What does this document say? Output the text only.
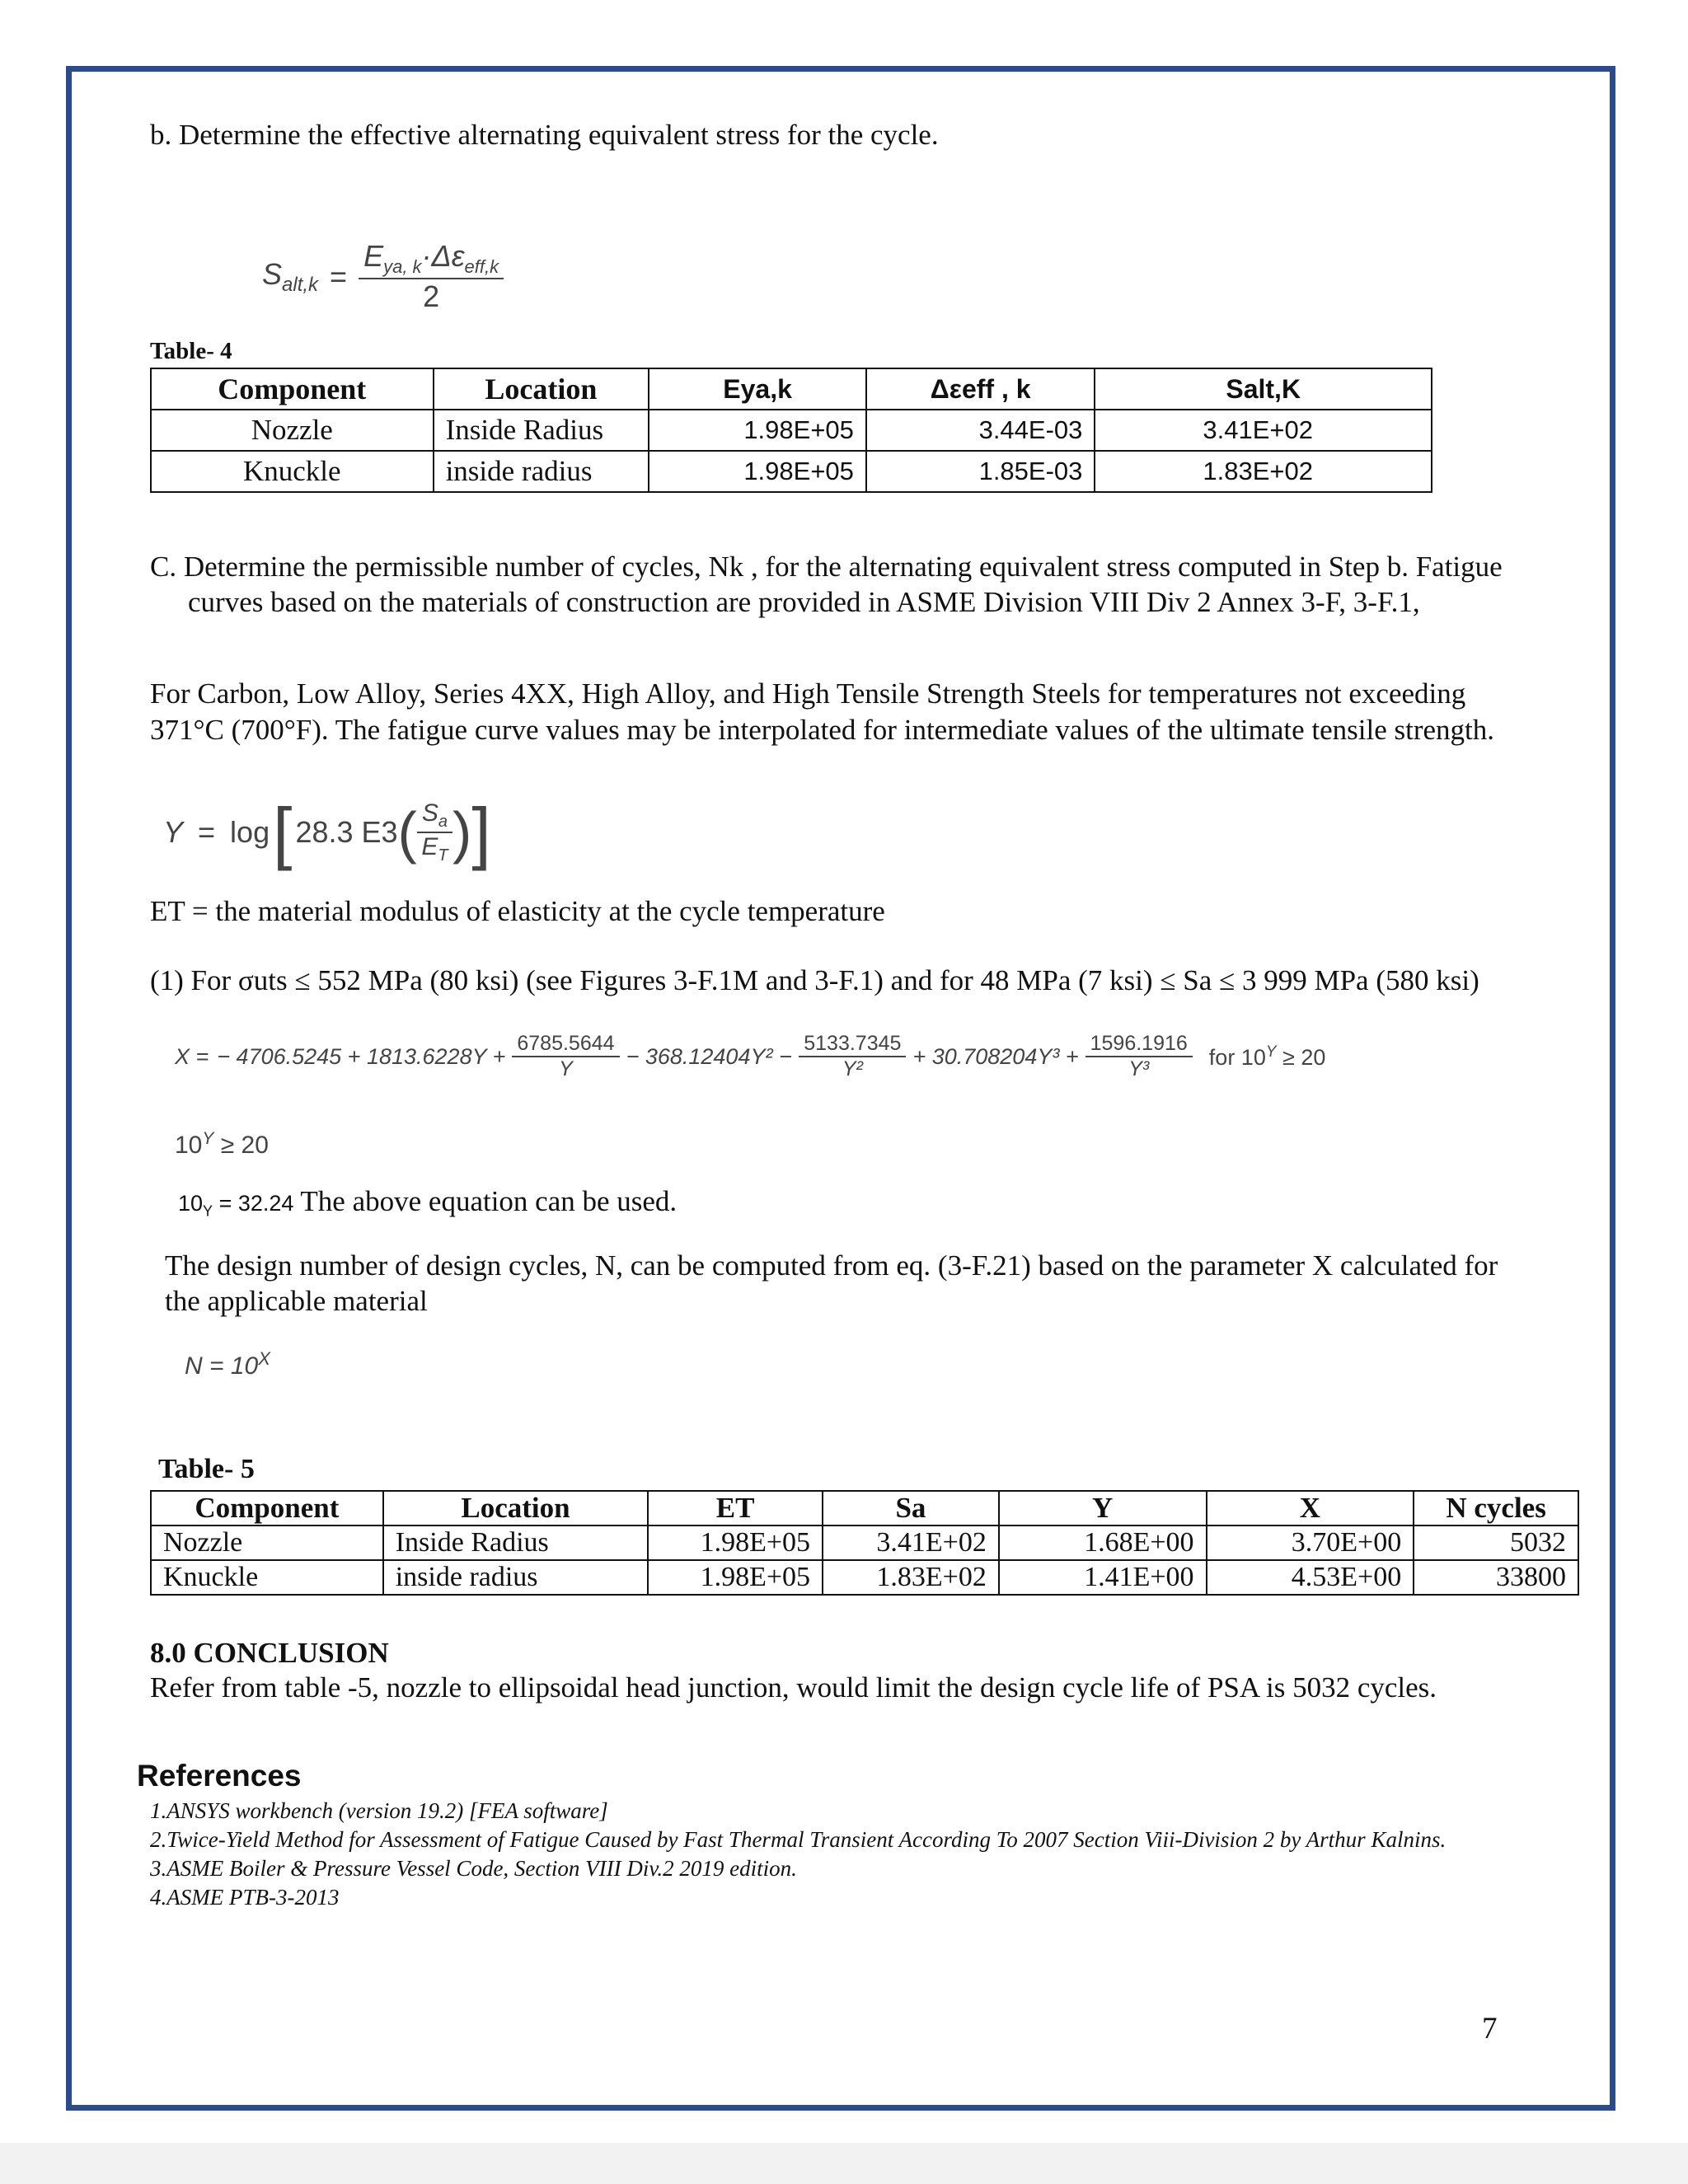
b. Determine the effective alternating equivalent stress for the cycle.
$S_{alt,k} = \frac{E_{ya, k}\cdot\Delta\varepsilon_{eff,k}}{2}$
Table- 4
Component	Location	Eya,k	Δεeff , k	Salt,K
Nozzle	Inside Radius	1.98E+05	3.44E-03	3.41E+02
Knuckle	inside radius	1.98E+05	1.85E-03	1.83E+02
C. Determine the permissible number of cycles, Nk , for the alternating equivalent stress computed in Step b. Fatigue
curves based on the materials of construction are provided in ASME Division VIII Div 2 Annex 3-F, 3-F.1,
For Carbon, Low Alloy, Series 4XX, High Alloy, and High Tensile Strength Steels for temperatures not exceeding
371°C (700°F). The fatigue curve values may be interpolated for intermediate values of the ultimate tensile strength.
Y = log [ 28.3 E3 ( $\frac{S_a}{E_T}$ ) ]
ET = the material modulus of elasticity at the cycle temperature
(1) For σuts ≤ 552 MPa (80 ksi) (see Figures 3-F.1M and 3-F.1) and for 48 MPa (7 ksi) ≤ Sa ≤ 3 999 MPa (580 ksi)
X = − $4706.5245 + 1813.6228Y + \frac{6785.5644}{Y} - 368.12404Y^2 - \frac{5133.7345}{\text{Y²}} + 30.708204Y^3 + \frac{1596.1916}{\text{Y³}}$ for $10^Y \ge 20$
$10^Y \ge 20$
$10_Y = 32.24$ The above equation can be used.
The design number of design cycles, N, can be computed from eq. (3-F.21) based on the parameter X calculated for
the applicable material
$N = 10^X$
Table- 5
Component	Location	ET	Sa	Y	X	N cycles
Nozzle	Inside Radius	1.98E+05	3.41E+02	1.68E+00	3.70E+00	5032
Knuckle	inside radius	1.98E+05	1.83E+02	1.41E+00	4.53E+00	33800
8.0 CONCLUSION
Refer from table -5, nozzle to ellipsoidal head junction, would limit the design cycle life of PSA is 5032 cycles.
References
1.ANSYS workbench (version 19.2) [FEA software]
2.Twice-Yield Method for Assessment of Fatigue Caused by Fast Thermal Transient According To 2007 Section Viii-Division 2 by Arthur Kalnins.
3.ASME Boiler & Pressure Vessel Code, Section VIII Div.2 2019 edition.
4.ASME PTB-3-2013
7
